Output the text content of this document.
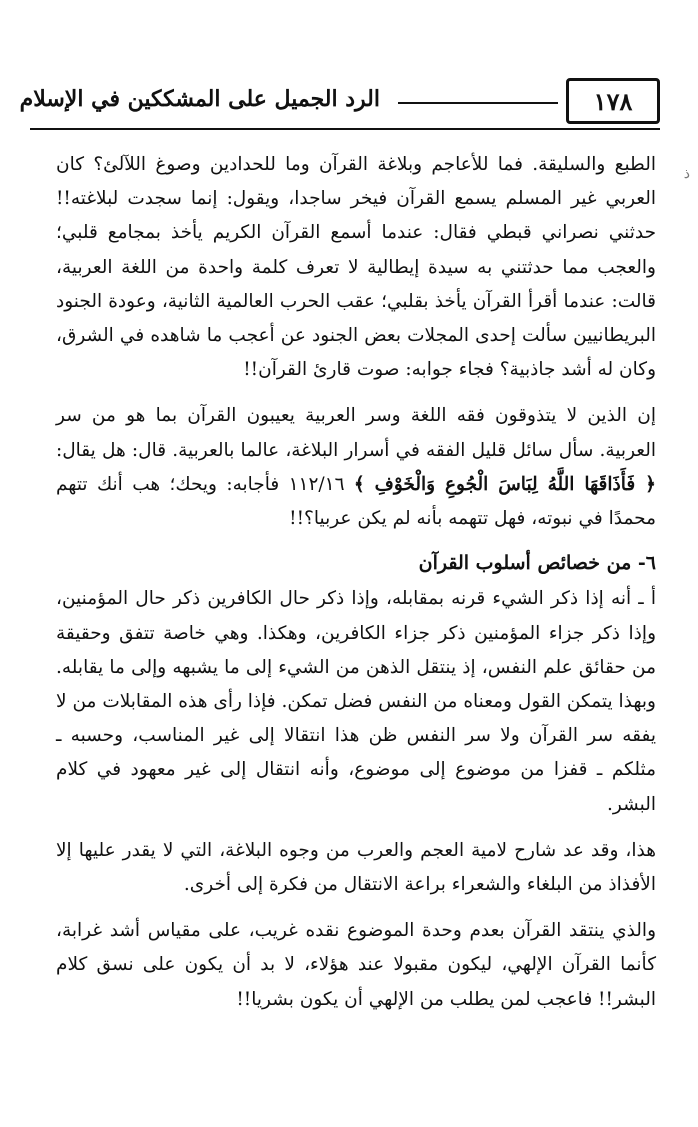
١٧٨
الرد الجميل على المشككين في الإسلام
ذ

الطبع والسليقة. فما للأعاجم وبلاغة القرآن وما للحدادين وصوغ اللآلئ؟ كان العربي غير المسلم يسمع القرآن فيخر ساجدا، ويقول: إنما سجدت لبلاغته!! حدثني نصراني قبطي فقال: عندما أسمع القرآن الكريم يأخذ بمجامع قلبي؛ والعجب مما حدثتني به سيدة إيطالية لا تعرف كلمة واحدة من اللغة العربية، قالت: عندما أقرأ القرآن يأخذ بقلبي؛ عقب الحرب العالمية الثانية، وعودة الجنود البريطانيين سألت إحدى المجلات بعض الجنود عن أعجب ما شاهده في الشرق، وكان له أشد جاذبية؟ فجاء جوابه: صوت قارئ القرآن!!

إن الذين لا يتذوقون فقه اللغة وسر العربية يعيبون القرآن بما هو من سر العربية. سأل سائل قليل الفقه في أسرار البلاغة، عالما بالعربية. قال: هل يقال: ﴿ فَأَذَاقَهَا اللَّهُ لِبَاسَ الْجُوعِ وَالْخَوْفِ ﴾ ١١٢/١٦ فأجابه: ويحك؛ هب أنك تتهم محمدًا في نبوته، فهل تتهمه بأنه لم يكن عربيا؟!!

٦- من خصائص أسلوب القرآن

أ ـ أنه إذا ذكر الشيء قرنه بمقابله، وإذا ذكر حال الكافرين ذكر حال المؤمنين، وإذا ذكر جزاء المؤمنين ذكر جزاء الكافرين، وهكذا. وهي خاصة تتفق وحقيقة من حقائق علم النفس، إذ ينتقل الذهن من الشيء إلى ما يشبهه وإلى ما يقابله. وبهذا يتمكن القول ومعناه من النفس فضل تمكن. فإذا رأى هذه المقابلات من لا يفقه سر القرآن ولا سر النفس ظن هذا انتقالا إلى غير المناسب، وحسبه ـ مثلكم ـ قفزا من موضوع إلى موضوع، وأنه انتقال إلى غير معهود في كلام البشر.

هذا، وقد عد شارح لامية العجم والعرب من وجوه البلاغة، التي لا يقدر عليها إلا الأفذاذ من البلغاء والشعراء براعة الانتقال من فكرة إلى أخرى.

والذي ينتقد القرآن بعدم وحدة الموضوع نقده غريب، على مقياس أشد غرابة، كأنما القرآن الإلهي، ليكون مقبولا عند هؤلاء، لا بد أن يكون على نسق كلام البشر!! فاعجب لمن يطلب من الإلهي أن يكون بشريا!!
